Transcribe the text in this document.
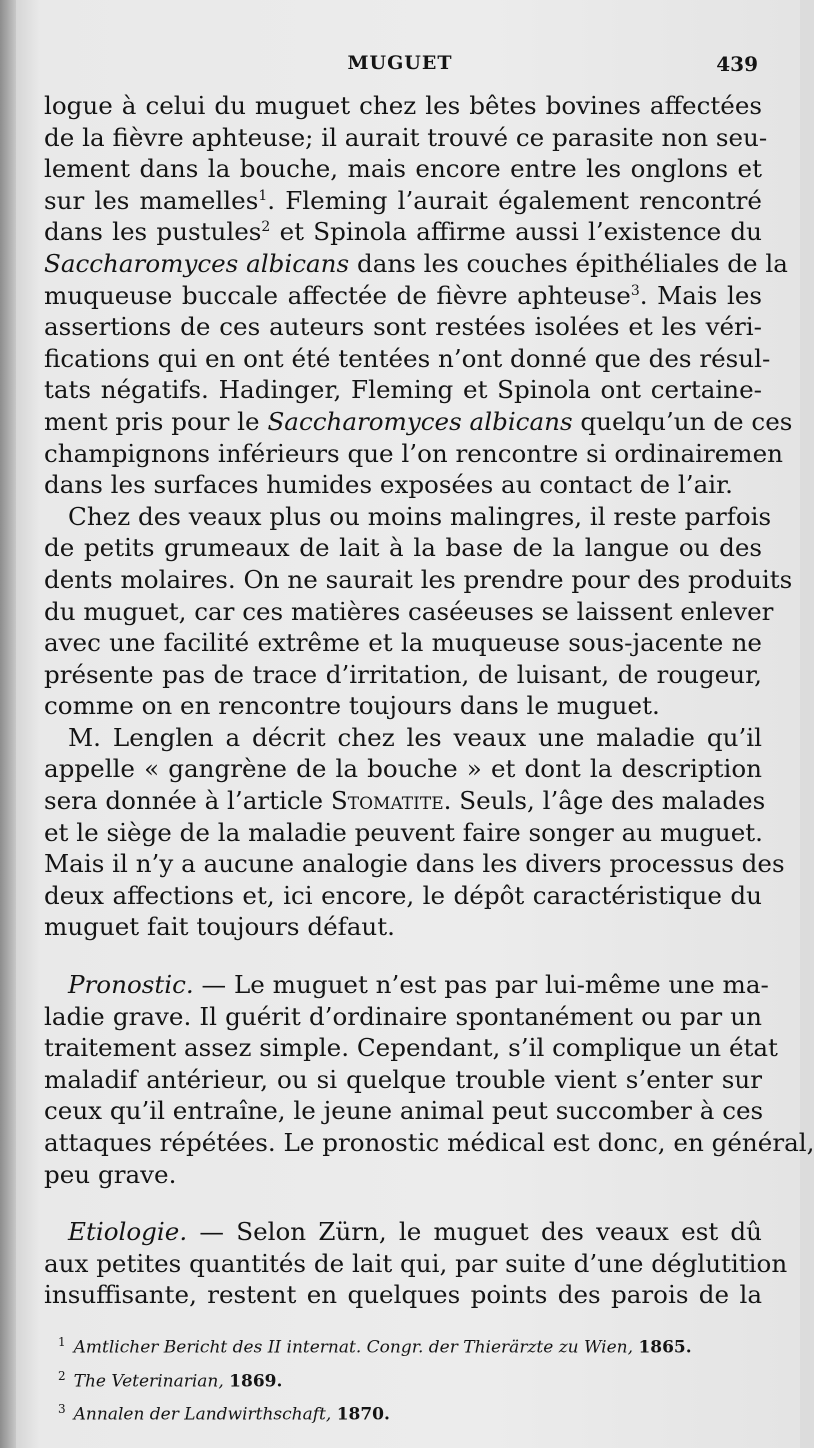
MUGUET	439
logue à celui du muguet chez les bêtes bovines affectées
de la fièvre aphteuse; il aurait trouvé ce parasite non seu-
lement dans la bouche, mais encore entre les onglons et
sur les mamelles$^1$. Fleming l’aurait également rencontré
dans les pustules$^2$ et Spinola affirme aussi l’existence du
Saccharomyces albicans dans les couches épithéliales de la
muqueuse buccale affectée de fièvre aphteuse$^3$. Mais les
assertions de ces auteurs sont restées isolées et les véri-
fications qui en ont été tentées n’ont donné que des résul-
tats négatifs. Hadinger, Fleming et Spinola ont certaine-
ment pris pour le Saccharomyces albicans quelqu’un de ces
champignons inférieurs que l’on rencontre si ordinairemen
dans les surfaces humides exposées au contact de l’air.
Chez des veaux plus ou moins malingres, il reste parfois
de petits grumeaux de lait à la base de la langue ou des
dents molaires. On ne saurait les prendre pour des produits
du muguet, car ces matières caséeuses se laissent enlever
avec une facilité extrême et la muqueuse sous-jacente ne
présente pas de trace d’irritation, de luisant, de rougeur,
comme on en rencontre toujours dans le muguet.
M. Lenglen a décrit chez les veaux une maladie qu’il
appelle « gangrène de la bouche » et dont la description
sera donnée à l’article Stomatite. Seuls, l’âge des malades
et le siège de la maladie peuvent faire songer au muguet.
Mais il n’y a aucune analogie dans les divers processus des
deux affections et, ici encore, le dépôt caractéristique du
muguet fait toujours défaut.
Pronostic. — Le muguet n’est pas par lui-même une ma-
ladie grave. Il guérit d’ordinaire spontanément ou par un
traitement assez simple. Cependant, s’il complique un état
maladif antérieur, ou si quelque trouble vient s’enter sur
ceux qu’il entraîne, le jeune animal peut succomber à ces
attaques répétées. Le pronostic médical est donc, en général,
peu grave.
Etiologie. — Selon Zürn, le muguet des veaux est dû
aux petites quantités de lait qui, par suite d’une déglutition
insuffisante, restent en quelques points des parois de la
$^1$ Amtlicher Bericht des II internat. Congr. der Thierärzte zu Wien, 1865.
$^2$ The Veterinarian, 1869.
$^3$ Annalen der Landwirthschaft, 1870.
